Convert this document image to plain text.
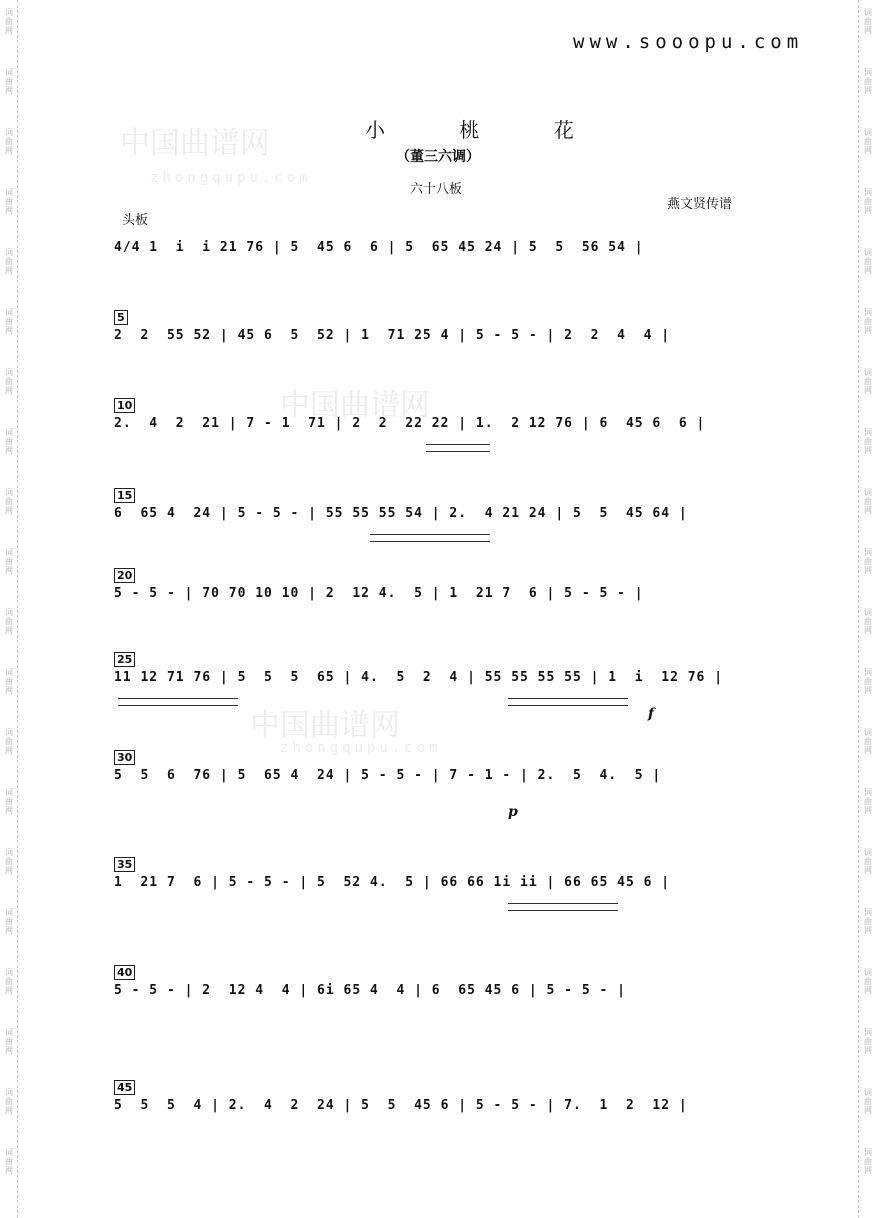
词
曲
网
词
曲
网
词
曲
网
词
曲
网
词
曲
网
词
曲
网
词
曲
网
词
曲
网
词
曲
网
词
曲
网
词
曲
网
词
曲
网
词
曲
网
词
曲
网
词
曲
网
词
曲
网
词
曲
网
词
曲
网
词
曲
网
词
曲
网
词
曲
网
词
曲
网
词
曲
网
词
曲
网
词
曲
网
词
曲
网
词
曲
网
词
曲
网
词
曲
网
词
曲
网
词
曲
网
词
曲
网
词
曲
网
词
曲
网
词
曲
网
词
曲
网
词
曲
网
词
曲
网
词
曲
网
词
曲
网
中国曲谱网
zhongqupu.com
中国曲谱网
中国曲谱网
zhongqupu.com
www.sooopu.com
小 桃 花
（董三六调）
六十八板
燕文贤传谱
头板
4/4 1  i  i 21 76 | 5  45 6  6 | 5  65 45 24 | 5  5  56 54 |
5
2  2  55 52 | 45 6  5  52 | 1  71 25 4 | 5 - 5 - | 2  2  4  4 |
10
2.  4  2  21 | 7 - 1  71 | 2  2  22 22 | 1.  2 12 76 | 6  45 6  6 |
15
6  65 4  24 | 5 - 5 - | 55 55 55 54 | 2.  4 21 24 | 5  5  45 64 |
20
5 - 5 - | 70 70 10 10 | 2  12 4.  5 | 1  21 7  6 | 5 - 5 - |
25
11 12 71 76 | 5  5  5  65 | 4.  5  2  4 | 55 55 55 55 | 1  i  12 76 |
f
30
5  5  6  76 | 5  65 4  24 | 5 - 5 - | 7 - 1 - | 2.  5  4.  5 |
p
35
1  21 7  6 | 5 - 5 - | 5  52 4.  5 | 66 66 1i ii | 66 65 45 6 |
40
5 - 5 - | 2  12 4  4 | 6i 65 4  4 | 6  65 45 6 | 5 - 5 - |
45
5  5  5  4 | 2.  4  2  24 | 5  5  45 6 | 5 - 5 - | 7.  1  2  12 |
